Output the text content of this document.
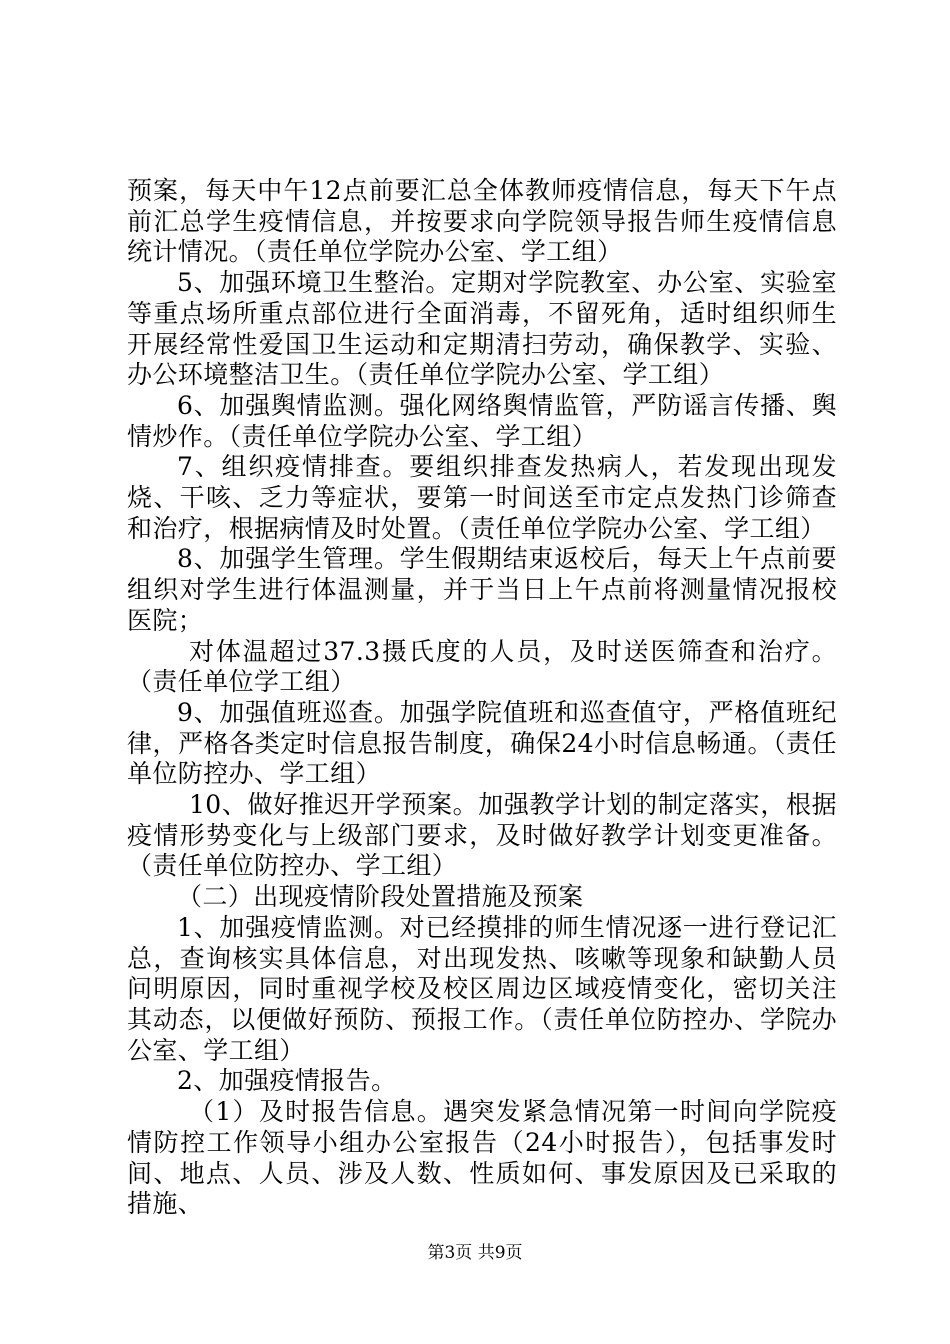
预案，每天中午12点前要汇总全体教师疫情信息，每天下午点前汇总学生疫情信息，并按要求向学院领导报告师生疫情信息统计情况。（责任单位学院办公室、学工组）

5、加强环境卫生整治。定期对学院教室、办公室、实验室等重点场所重点部位进行全面消毒，不留死角，适时组织师生开展经常性爱国卫生运动和定期清扫劳动，确保教学、实验、办公环境整洁卫生。（责任单位学院办公室、学工组）

6、加强舆情监测。强化网络舆情监管，严防谣言传播、舆情炒作。（责任单位学院办公室、学工组）

7、组织疫情排查。要组织排查发热病人，若发现出现发烧、干咳、乏力等症状，要第一时间送至市定点发热门诊筛查和治疗，根据病情及时处置。（责任单位学院办公室、学工组）

8、加强学生管理。学生假期结束返校后，每天上午点前要组织对学生进行体温测量，并于当日上午点前将测量情况报校医院；

对体温超过37.3摄氏度的人员，及时送医筛查和治疗。（责任单位学工组）

9、加强值班巡查。加强学院值班和巡查值守，严格值班纪律，严格各类定时信息报告制度，确保24小时信息畅通。（责任单位防控办、学工组）

10、做好推迟开学预案。加强教学计划的制定落实，根据疫情形势变化与上级部门要求，及时做好教学计划变更准备。（责任单位防控办、学工组）

（二）出现疫情阶段处置措施及预案

1、加强疫情监测。对已经摸排的师生情况逐一进行登记汇总，查询核实具体信息，对出现发热、咳嗽等现象和缺勤人员问明原因，同时重视学校及校区周边区域疫情变化，密切关注其动态，以便做好预防、预报工作。（责任单位防控办、学院办公室、学工组）

2、加强疫情报告。

（1）及时报告信息。遇突发紧急情况第一时间向学院疫情防控工作领导小组办公室报告（24小时报告），包括事发时间、地点、人员、涉及人数、性质如何、事发原因及已采取的措施、

第3页 共9页
